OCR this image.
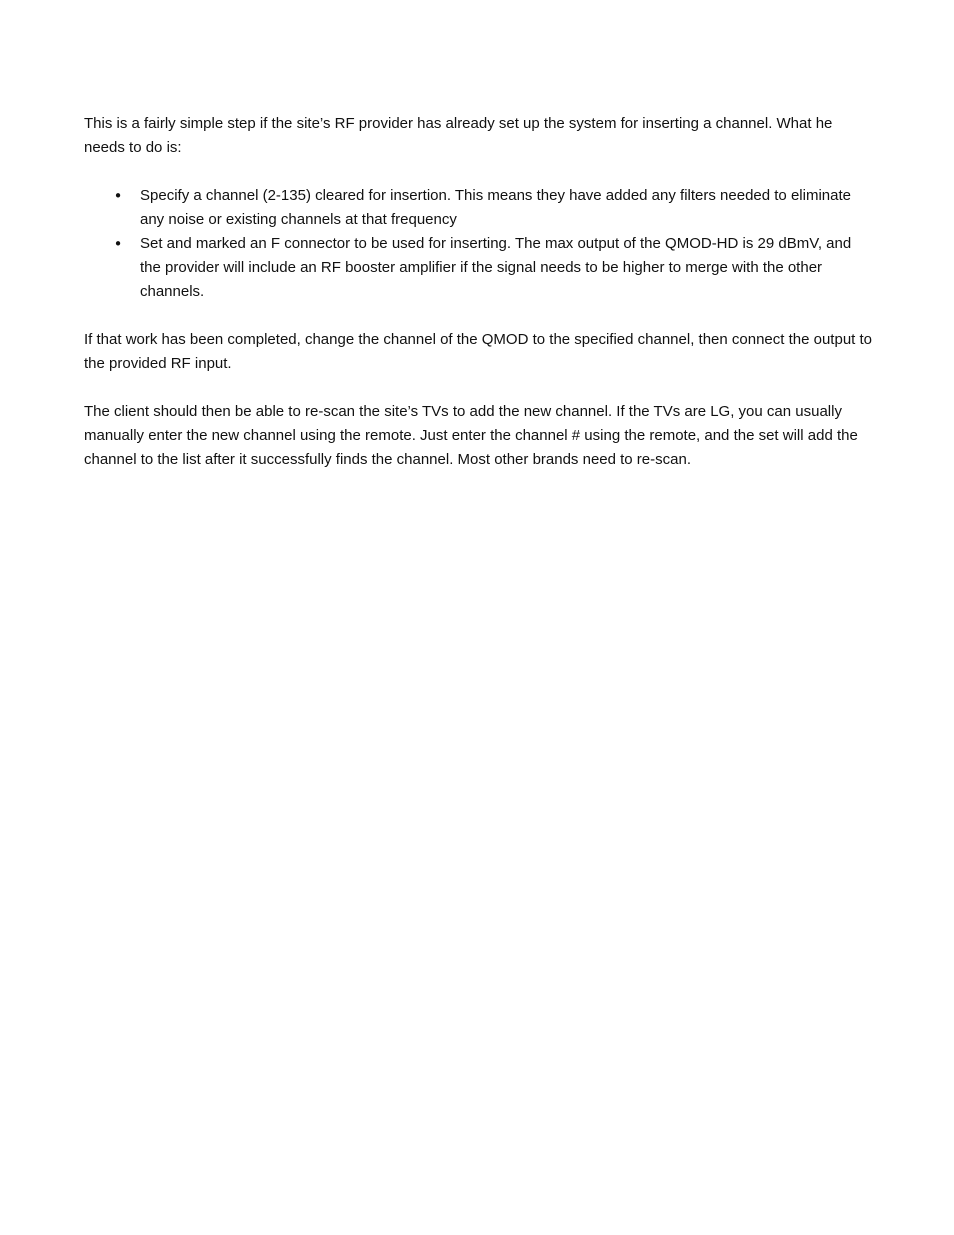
This is a fairly simple step if the site’s RF provider has already set up the system for inserting a channel. What he needs to do is:

• Specify a channel (2-135) cleared for insertion. This means they have added any filters needed to eliminate any noise or existing channels at that frequency
• Set and marked an F connector to be used for inserting. The max output of the QMOD-HD is 29 dBmV, and the provider will include an RF booster amplifier if the signal needs to be higher to merge with the other channels.

If that work has been completed, change the channel of the QMOD to the specified channel, then connect the output to the provided RF input.

The client should then be able to re-scan the site’s TVs to add the new channel. If the TVs are LG, you can usually manually enter the new channel using the remote. Just enter the channel # using the remote, and the set will add the channel to the list after it successfully finds the channel. Most other brands need to re-scan.
